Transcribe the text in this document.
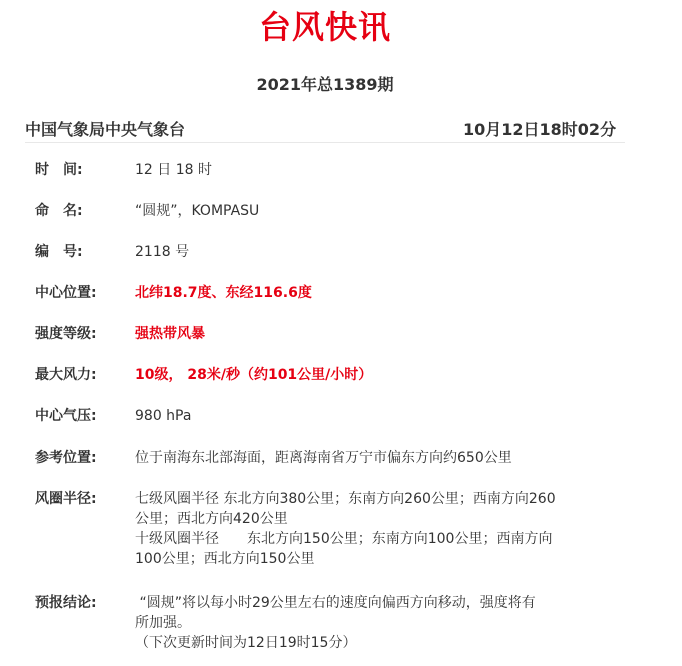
台风快讯
2021年总1389期
中国气象局中央气象台	10月12日18时02分
时　间:	12 日 18 时
命　名:	“圆规”，KOMPASU
编　号:	2118 号
中心位置:	北纬18.7度、东经116.6度
强度等级:	强热带风暴
最大风力:	10级， 28米/秒（约101公里/小时）
中心气压:	980 hPa
参考位置:	位于南海东北部海面，距离海南省万宁市偏东方向约650公里
风圈半径:	七级风圈半径 东北方向380公里；东南方向260公里；西南方向260
公里；西北方向420公里
十级风圈半径　　东北方向150公里；东南方向100公里；西南方向
100公里；西北方向150公里
预报结论:	“圆规”将以每小时29公里左右的速度向偏西方向移动，强度将有
所加强。
（下次更新时间为12日19时15分）
